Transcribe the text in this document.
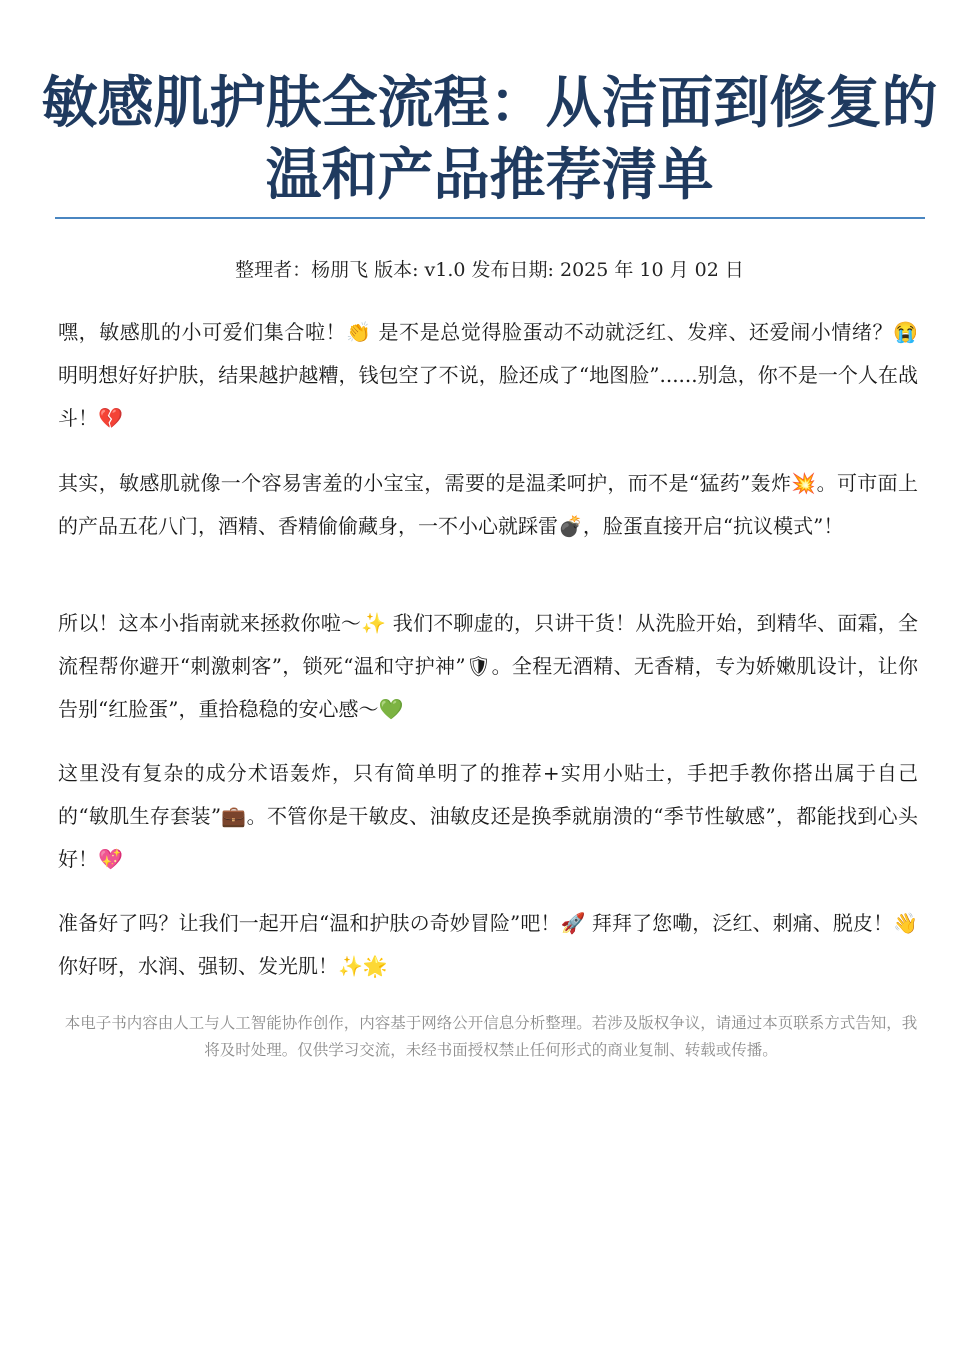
敏感肌护肤全流程：从洁面到修复的温和产品推荐清单
整理者：杨朋飞 版本: v1.0 发布日期: 2025 年 10 月 02 日

嘿，敏感肌的小可爱们集合啦！👏 是不是总觉得脸蛋动不动就泛红、发痒、还爱闹小情绪？😭 明明想好好护肤，结果越护越糟，钱包空了不说，脸还成了“地图脸”......别急，你不是一个人在战斗！💔

其实，敏感肌就像一个容易害羞的小宝宝，需要的是温柔呵护，而不是“猛药”轰炸💥。可市面上的产品五花八门，酒精、香精偷偷藏身，一不小心就踩雷💣，脸蛋直接开启“抗议模式”！

所以！这本小指南就来拯救你啦～✨ 我们不聊虚的，只讲干货！从洗脸开始，到精华、面霜，全流程帮你避开“刺激刺客”，锁死“温和守护神”🛡。全程无酒精、无香精，专为娇嫩肌设计，让你告别“红脸蛋”，重拾稳稳的安心感～💚

这里没有复杂的成分术语轰炸，只有简单明了的推荐+实用小贴士，手把手教你搭出属于自己的“敏肌生存套装”💼。不管你是干敏皮、油敏皮还是换季就崩溃的“季节性敏感”，都能找到心头好！💖

准备好了吗？让我们一起开启“温和护肤の奇妙冒险”吧！🚀 拜拜了您嘞，泛红、刺痛、脱皮！👋 你好呀，水润、强韧、发光肌！✨🌟

本电子书内容由人工与人工智能协作创作，内容基于网络公开信息分析整理。若涉及版权争议，请通过本页联系方式告知，我将及时处理。仅供学习交流，未经书面授权禁止任何形式的商业复制、转载或传播。
